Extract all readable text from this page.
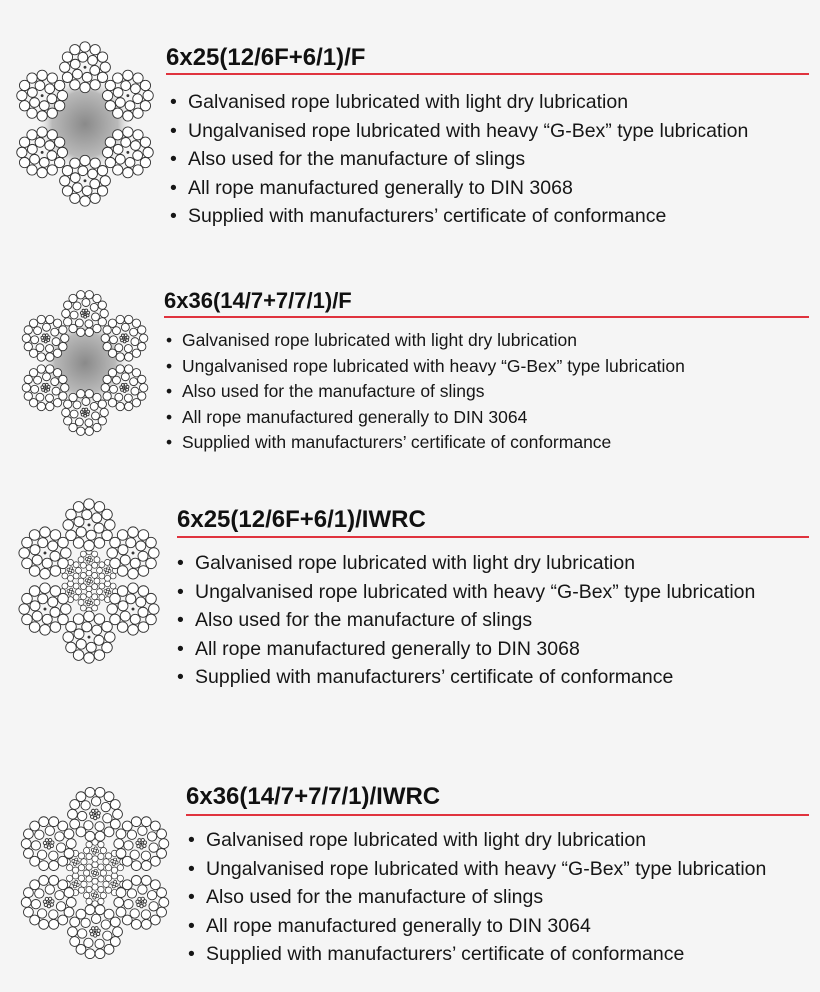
6x25(12/6F+6/1)/F
• Galvanised rope lubricated with light dry lubrication
• Ungalvanised rope lubricated with heavy “G-Bex” type lubrication
• Also used for the manufacture of slings
• All rope manufactured generally to DIN 3068
• Supplied with manufacturers’ certificate of conformance
6x36(14/7+7/7/1)/F
• Galvanised rope lubricated with light dry lubrication
• Ungalvanised rope lubricated with heavy “G-Bex” type lubrication
• Also used for the manufacture of slings
• All rope manufactured generally to DIN 3064
• Supplied with manufacturers’ certificate of conformance
6x25(12/6F+6/1)/IWRC
• Galvanised rope lubricated with light dry lubrication
• Ungalvanised rope lubricated with heavy “G-Bex” type lubrication
• Also used for the manufacture of slings
• All rope manufactured generally to DIN 3068
• Supplied with manufacturers’ certificate of conformance
6x36(14/7+7/7/1)/IWRC
• Galvanised rope lubricated with light dry lubrication
• Ungalvanised rope lubricated with heavy “G-Bex” type lubrication
• Also used for the manufacture of slings
• All rope manufactured generally to DIN 3064
• Supplied with manufacturers’ certificate of conformance
